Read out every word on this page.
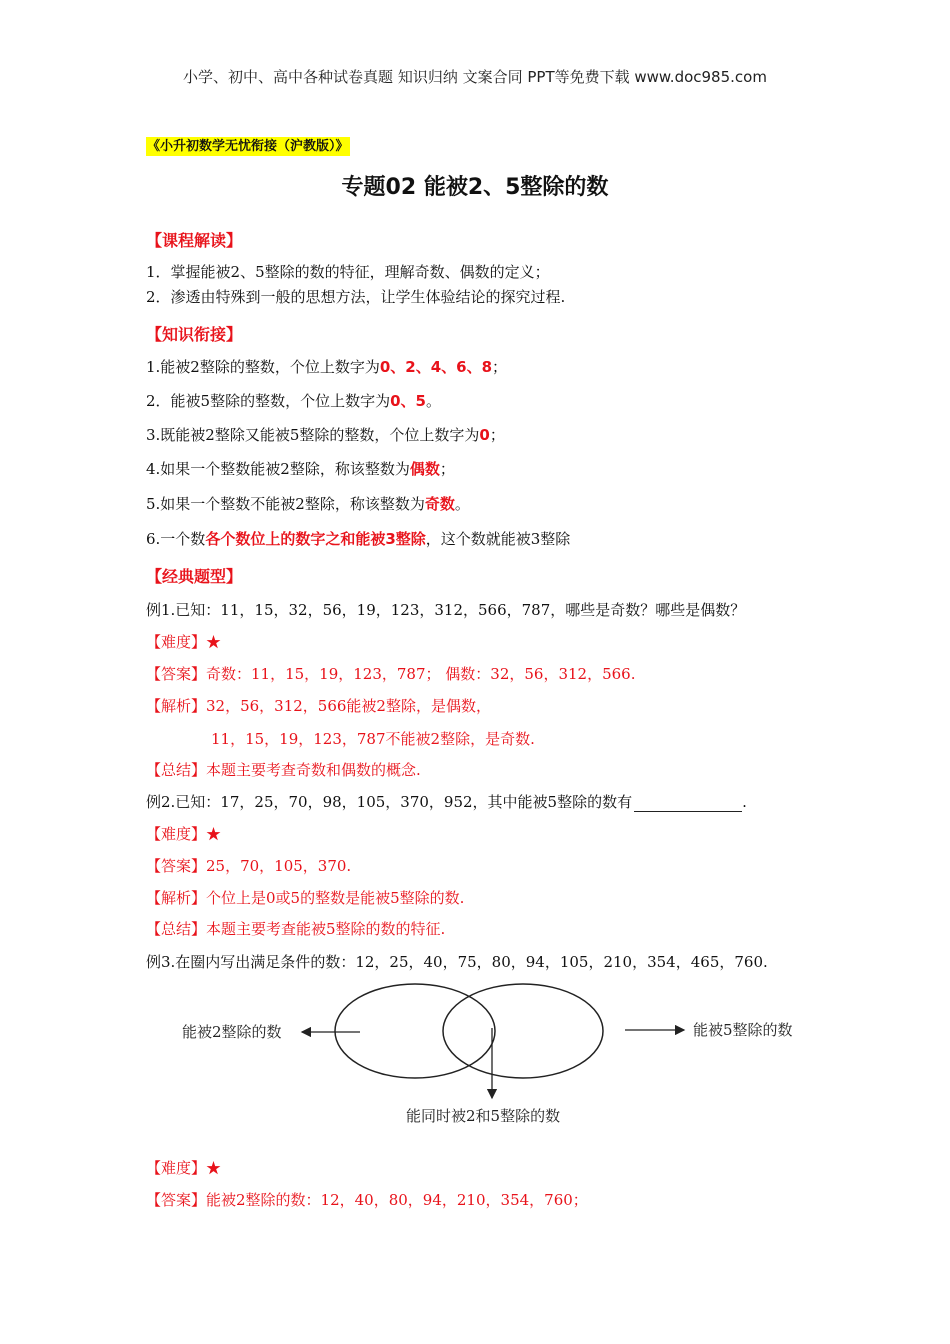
小学、初中、高中各种试卷真题 知识归纳 文案合同 PPT等免费下载 www.doc985.com
《小升初数学无忧衔接（沪教版）》
专题02 能被2、5整除的数
【课程解读】
1．掌握能被2、5整除的数的特征，理解奇数、偶数的定义；
2．渗透由特殊到一般的思想方法，让学生体验结论的探究过程.
【知识衔接】
1.能被2整除的整数，个位上数字为0、2、4、6、8；
2．能被5整除的整数，个位上数字为0、5。
3.既能被2整除又能被5整除的整数，个位上数字为0；
4.如果一个整数能被2整除，称该整数为偶数；
5.如果一个整数不能被2整除，称该整数为奇数。
6.一个数各个数位上的数字之和能被3整除，这个数就能被3整除
【经典题型】
例1.已知：11，15，32，56，19，123，312，566，787，哪些是奇数？哪些是偶数？
【难度】★
【答案】奇数：11，15，19，123，787； 偶数：32，56，312，566.
【解析】32，56，312，566能被2整除，是偶数，
11，15，19，123，787不能被2整除，是奇数.
【总结】本题主要考查奇数和偶数的概念.
例2.已知：17，25，70，98，105，370，952，其中能被5整除的数有	.
【难度】★
【答案】25，70，105，370.
【解析】个位上是0或5的整数是能被5整除的数.
【总结】本题主要考查能被5整除的数的特征.
例3.在圈内写出满足条件的数：12，25，40，75，80，94，105，210，354，465，760.
能被2整除的数	能被5整除的数
能同时被2和5整除的数
【难度】★
【答案】能被2整除的数：12，40，80，94，210，354，760；
